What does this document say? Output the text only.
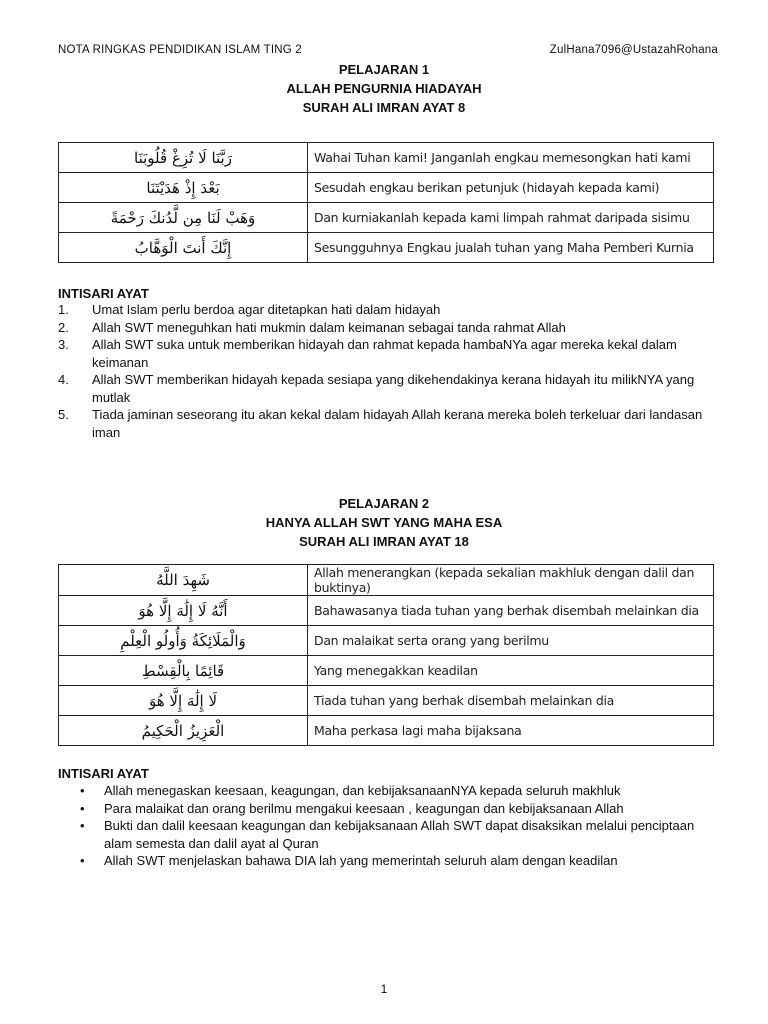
NOTA RINGKAS PENDIDIKAN ISLAM TING 2	ZulHana7096@UstazahRohana
PELAJARAN 1
ALLAH PENGURNIA HIADAYAH
SURAH ALI IMRAN AYAT 8
رَبَّنَا لَا تُزِغْ قُلُوبَنَا	Wahai Tuhan kami! Janganlah engkau memesongkan hati kami
بَعْدَ إِذْ هَدَيْتَنَا	Sesudah engkau berikan petunjuk (hidayah kepada kami)
وَهَبْ لَنَا مِن لَّدُنكَ رَحْمَةً	Dan kurniakanlah kepada kami limpah rahmat daripada sisimu
إِنَّكَ أَنتَ الْوَهَّابُ	Sesungguhnya Engkau jualah tuhan yang Maha Pemberi Kurnia
INTISARI AYAT
1. Umat Islam perlu berdoa agar ditetapkan hati dalam hidayah
2. Allah SWT meneguhkan hati mukmin dalam keimanan sebagai tanda rahmat Allah
3. Allah SWT suka untuk memberikan hidayah dan rahmat kepada hambaNYa agar mereka kekal dalam keimanan
4. Allah SWT memberikan hidayah kepada sesiapa yang dikehendakinya kerana hidayah itu milikNYA yang mutlak
5. Tiada jaminan seseorang itu akan kekal dalam hidayah Allah kerana mereka boleh terkeluar dari landasan iman
PELAJARAN 2
HANYA ALLAH SWT YANG MAHA ESA
SURAH ALI IMRAN AYAT 18
شَهِدَ اللَّهُ	Allah menerangkan (kepada sekalian makhluk dengan dalil dan buktinya)
أَنَّهُ لَا إِلَٰهَ إِلَّا هُوَ	Bahawasanya tiada tuhan yang berhak disembah melainkan dia
وَالْمَلَائِكَةُ وَأُولُو الْعِلْمِ	Dan malaikat serta orang yang berilmu
قَائِمًا بِالْقِسْطِ	Yang menegakkan keadilan
لَا إِلَٰهَ إِلَّا هُوَ	Tiada tuhan yang berhak disembah melainkan dia
الْعَزِيزُ الْحَكِيمُ	Maha perkasa lagi maha bijaksana
INTISARI AYAT
• Allah menegaskan keesaan, keagungan, dan kebijaksanaanNYA kepada seluruh makhluk
• Para malaikat dan orang berilmu mengakui keesaan , keagungan dan kebijaksanaan Allah
• Bukti dan dalil keesaan keagungan dan kebijaksanaan Allah SWT dapat disaksikan melalui penciptaan alam semesta dan dalil ayat al Quran
• Allah SWT menjelaskan bahawa DIA lah yang memerintah seluruh alam dengan keadilan
1
